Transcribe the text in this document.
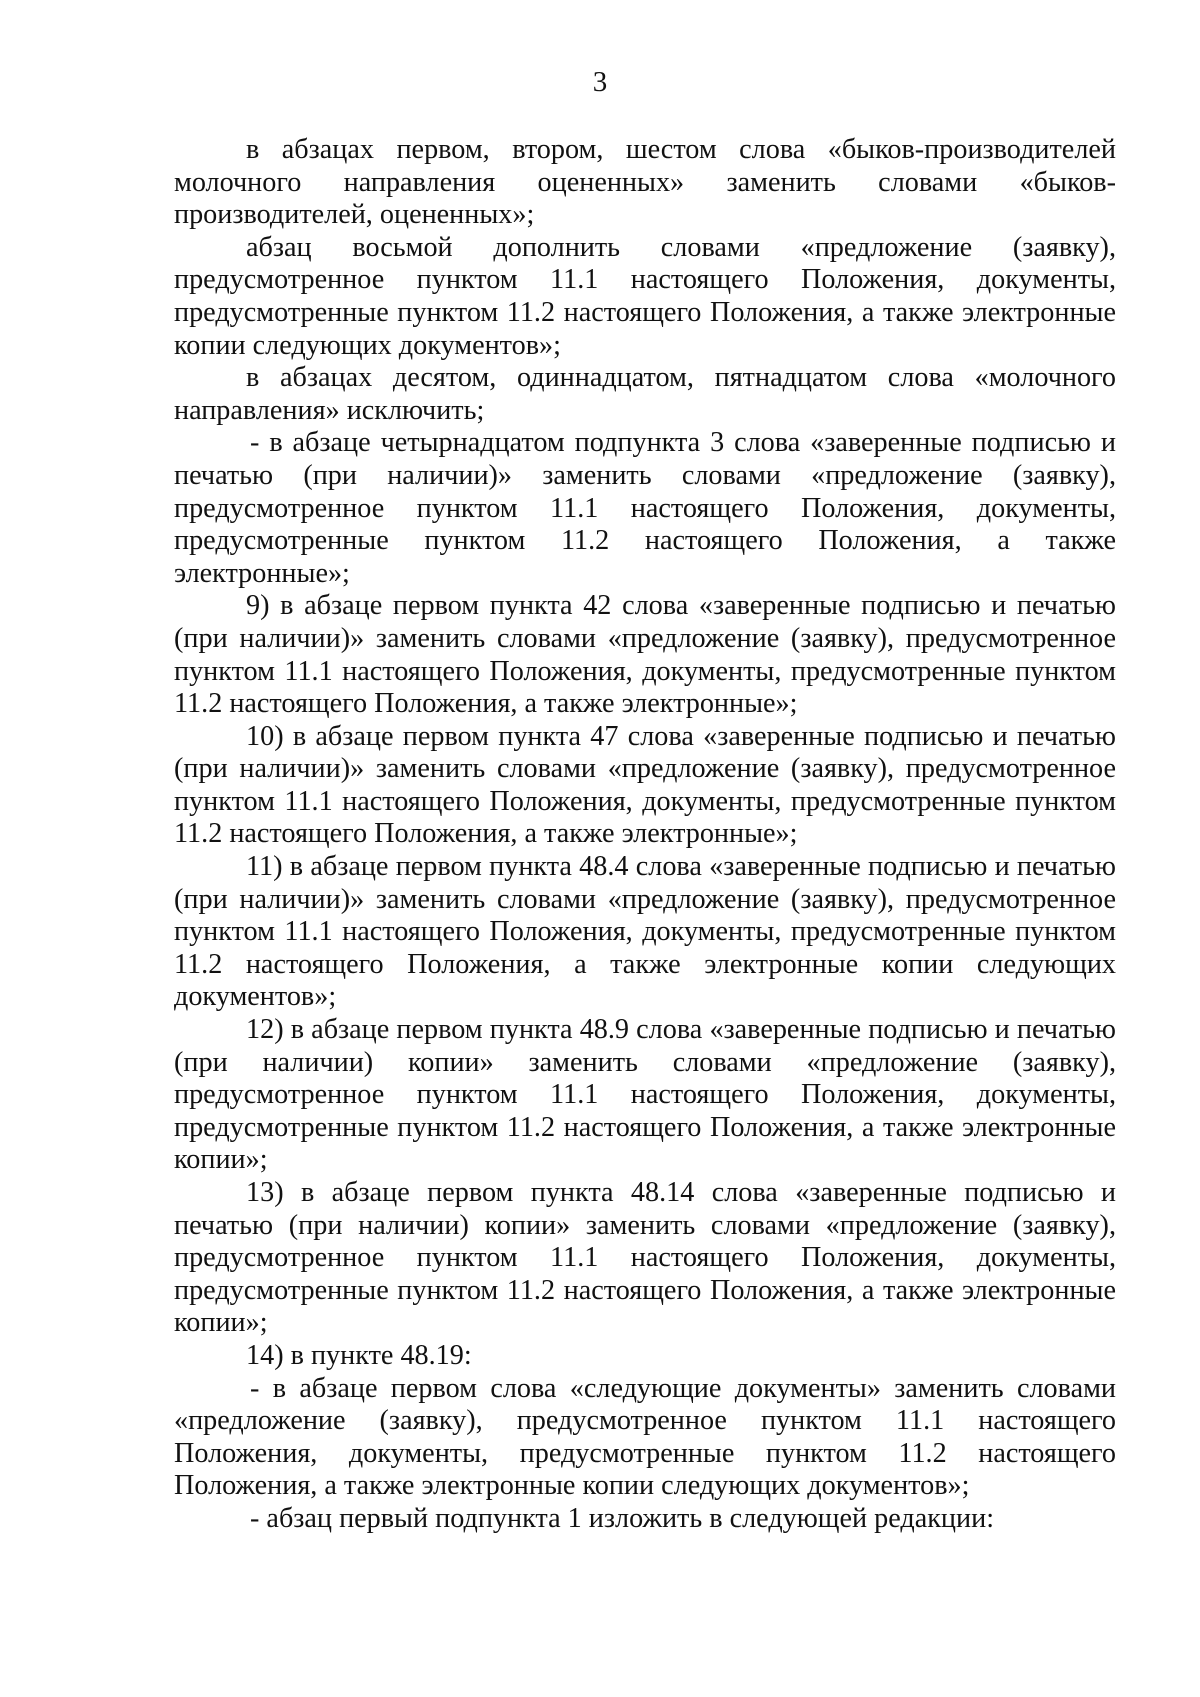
3

в абзацах первом, втором, шестом слова «быков-производителей молочного направления оцененных» заменить словами «быков-производителей, оцененных»;

абзац восьмой дополнить словами «предложение (заявку), предусмотренное пунктом 11.1 настоящего Положения, документы, предусмотренные пунктом 11.2 настоящего Положения, а также электронные копии следующих документов»;

в абзацах десятом, одиннадцатом, пятнадцатом слова «молочного направления» исключить;

- в абзаце четырнадцатом подпункта 3 слова «заверенные подписью и печатью (при наличии)» заменить словами «предложение (заявку), предусмотренное пунктом 11.1 настоящего Положения, документы, предусмотренные пунктом 11.2 настоящего Положения, а также электронные»;

9) в абзаце первом пункта 42 слова «заверенные подписью и печатью (при наличии)» заменить словами «предложение (заявку), предусмотренное пунктом 11.1 настоящего Положения, документы, предусмотренные пунктом 11.2 настоящего Положения, а также электронные»;

10) в абзаце первом пункта 47 слова «заверенные подписью и печатью (при наличии)» заменить словами «предложение (заявку), предусмотренное пунктом 11.1 настоящего Положения, документы, предусмотренные пунктом 11.2 настоящего Положения, а также электронные»;

11) в абзаце первом пункта 48.4 слова «заверенные подписью и печатью (при наличии)» заменить словами «предложение (заявку), предусмотренное пунктом 11.1 настоящего Положения, документы, предусмотренные пунктом 11.2 настоящего Положения, а также электронные копии следующих документов»;

12) в абзаце первом пункта 48.9 слова «заверенные подписью и печатью (при наличии) копии» заменить словами «предложение (заявку), предусмотренное пунктом 11.1 настоящего Положения, документы, предусмотренные пунктом 11.2 настоящего Положения, а также электронные копии»;

13) в абзаце первом пункта 48.14 слова «заверенные подписью и печатью (при наличии) копии» заменить словами «предложение (заявку), предусмотренное пунктом 11.1 настоящего Положения, документы, предусмотренные пунктом 11.2 настоящего Положения, а также электронные копии»;

14) в пункте 48.19:

- в абзаце первом слова «следующие документы» заменить словами «предложение (заявку), предусмотренное пунктом 11.1 настоящего Положения, документы, предусмотренные пунктом 11.2 настоящего Положения, а также электронные копии следующих документов»;

- абзац первый подпункта 1 изложить в следующей редакции:
